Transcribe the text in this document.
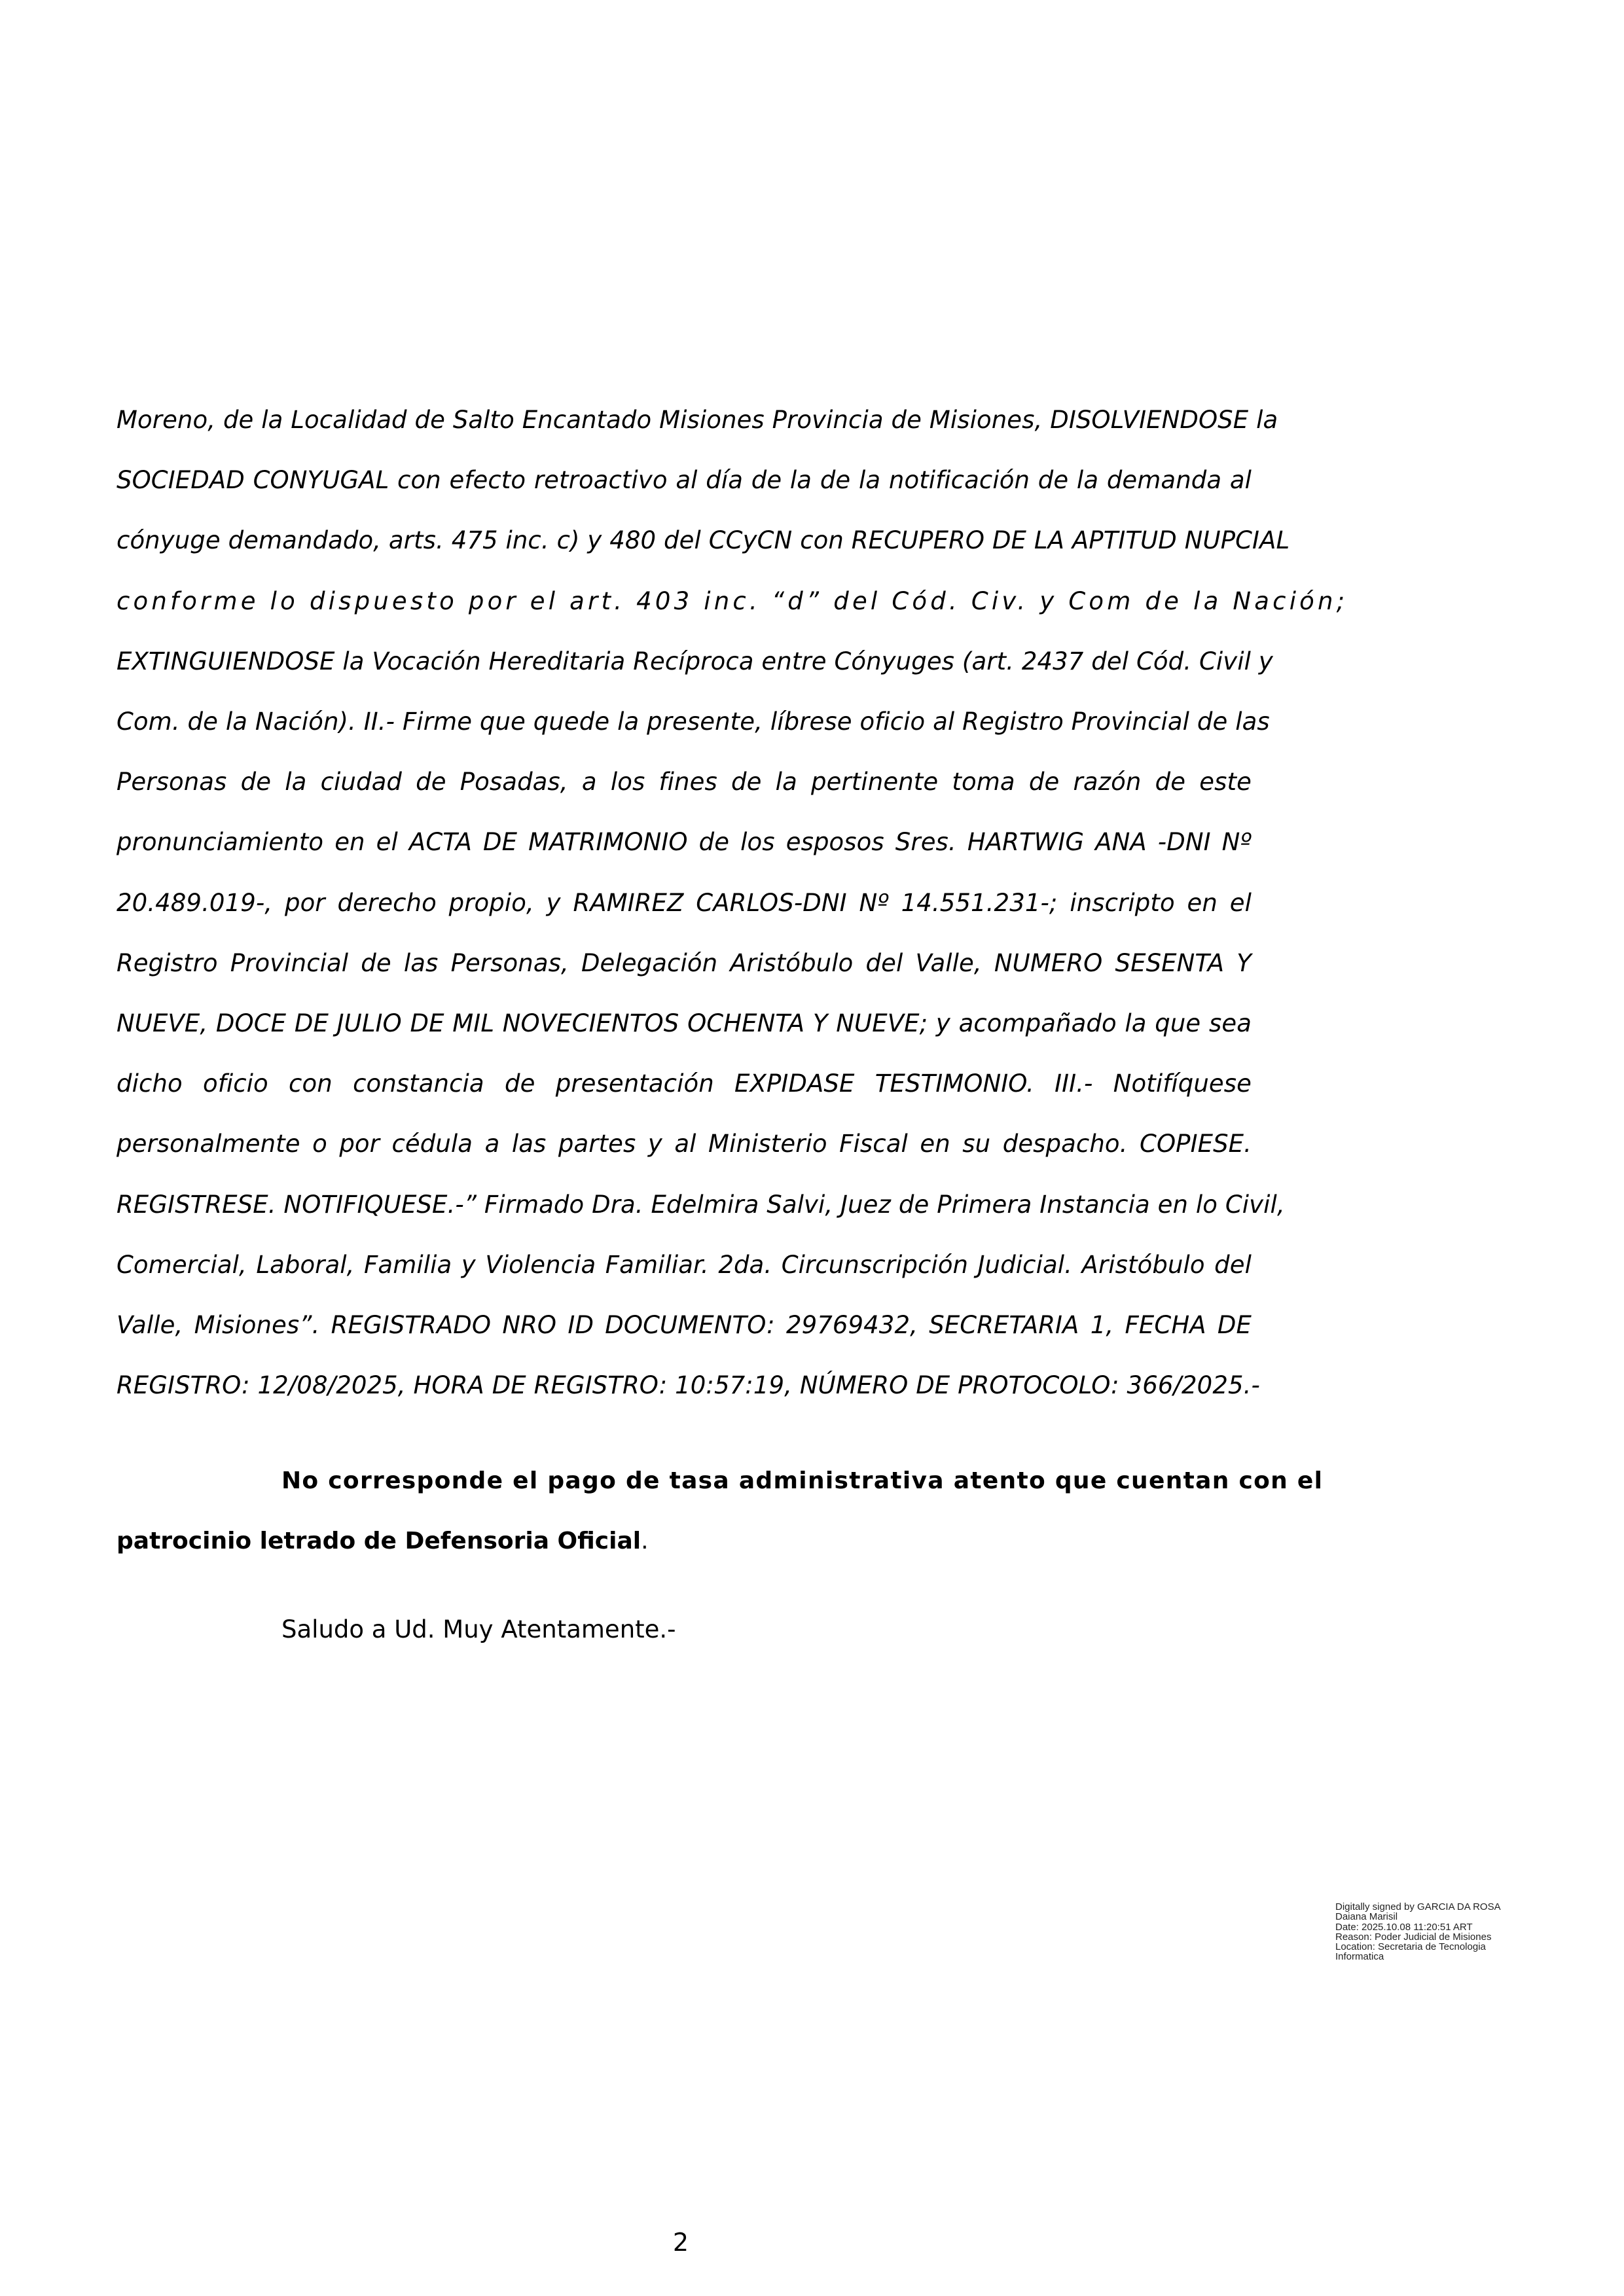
Moreno, de la Localidad de Salto Encantado Misiones Provincia de Misiones, DISOLVIENDOSE la
SOCIEDAD CONYUGAL con efecto retroactivo al día de la de la notificación de la demanda al
cónyuge demandado, arts. 475 inc. c) y 480 del CCyCN con RECUPERO DE LA APTITUD NUPCIAL
conforme lo dispuesto por el art. 403 inc. “d” del Cód. Civ. y Com de la Nación;
EXTINGUIENDOSE la Vocación Hereditaria Recíproca entre Cónyuges (art. 2437 del Cód. Civil y
Com. de la Nación). II.- Firme que quede la presente, líbrese oficio al Registro Provincial de las
Personas de la ciudad de Posadas, a los fines de la pertinente toma de razón de este
pronunciamiento en el ACTA DE MATRIMONIO de los esposos Sres. HARTWIG ANA -DNI Nº
20.489.019-, por derecho propio, y RAMIREZ CARLOS-DNI Nº 14.551.231-; inscripto en el
Registro Provincial de las Personas, Delegación Aristóbulo del Valle, NUMERO SESENTA Y
NUEVE, DOCE DE JULIO DE MIL NOVECIENTOS OCHENTA Y NUEVE; y acompañado la que sea
dicho oficio con constancia de presentación EXPIDASE TESTIMONIO. III.- Notifíquese
personalmente o por cédula a las partes y al Ministerio Fiscal en su despacho. COPIESE.
REGISTRESE. NOTIFIQUESE.-” Firmado Dra. Edelmira Salvi, Juez de Primera Instancia en lo Civil,
Comercial, Laboral, Familia y Violencia Familiar. 2da. Circunscripción Judicial. Aristóbulo del
Valle, Misiones”. REGISTRADO NRO ID DOCUMENTO: 29769432, SECRETARIA 1, FECHA DE
REGISTRO: 12/08/2025, HORA DE REGISTRO: 10:57:19, NÚMERO DE PROTOCOLO: 366/2025.-
No corresponde el pago de tasa administrativa atento que cuentan con el
patrocinio letrado de Defensoria Oficial.
Saludo a Ud. Muy Atentamente.-
Digitally signed by GARCIA DA ROSA
Daiana Marisil
Date: 2025.10.08 11:20:51 ART
Reason: Poder Judicial de Misiones
Location: Secretaria de Tecnologia
Informatica
2
